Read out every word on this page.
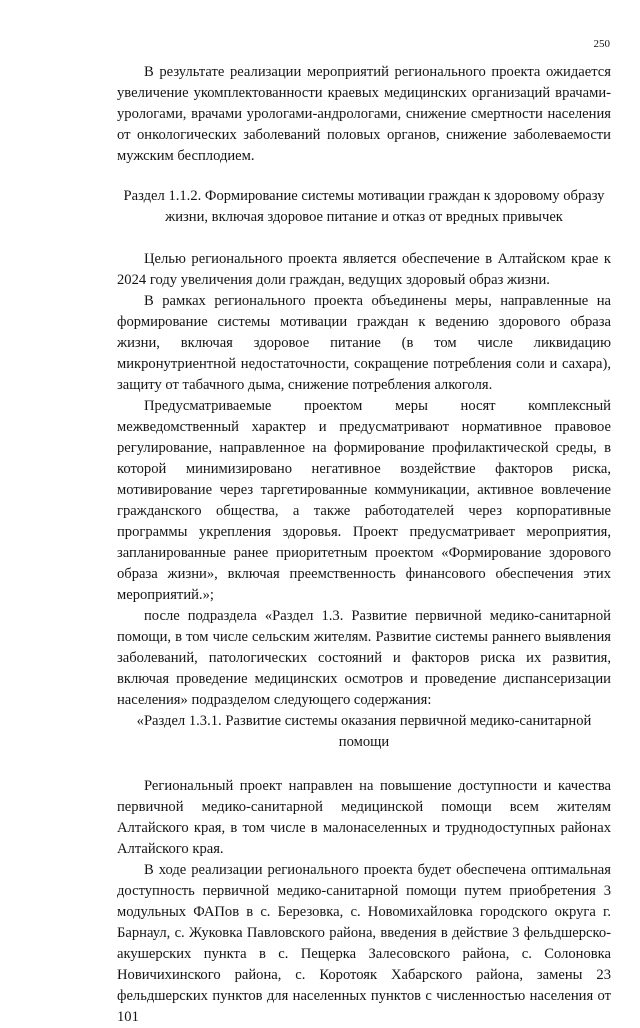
250

В результате реализации мероприятий регионального проекта ожидается увеличение укомплектованности краевых медицинских организаций врачами-урологами, врачами урологами-андрологами, снижение смертности населения от онкологических заболеваний половых органов, снижение заболеваемости мужским бесплодием.

Раздел 1.1.2. Формирование системы мотивации граждан к здоровому образу жизни, включая здоровое питание и отказ от вредных привычек

Целью регионального проекта является обеспечение в Алтайском крае к 2024 году увеличения доли граждан, ведущих здоровый образ жизни.

В рамках регионального проекта объединены меры, направленные на формирование системы мотивации граждан к ведению здорового образа жизни, включая здоровое питание (в том числе ликвидацию микронутриентной недостаточности, сокращение потребления соли и сахара), защиту от табачного дыма, снижение потребления алкоголя.

Предусматриваемые проектом меры носят комплексный межведомственный характер и предусматривают нормативное правовое регулирование, направленное на формирование профилактической среды, в которой минимизировано негативное воздействие факторов риска, мотивирование через таргетированные коммуникации, активное вовлечение гражданского общества, а также работодателей через корпоративные программы укрепления здоровья. Проект предусматривает мероприятия, запланированные ранее приоритетным проектом «Формирование здорового образа жизни», включая преемственность финансового обеспечения этих мероприятий.»;

после подраздела «Раздел 1.3. Развитие первичной медико-санитарной помощи, в том числе сельским жителям. Развитие системы раннего выявления заболеваний, патологических состояний и факторов риска их развития, включая проведение медицинских осмотров и проведение диспансеризации населения» подразделом следующего содержания:

«Раздел 1.3.1. Развитие системы оказания первичной медико-санитарной помощи

Региональный проект направлен на повышение доступности и качества первичной медико-санитарной медицинской помощи всем жителям Алтайского края, в том числе в малонаселенных и труднодоступных районах Алтайского края.

В ходе реализации регионального проекта будет обеспечена оптимальная доступность первичной медико-санитарной помощи путем приобретения 3 модульных ФАПов в с. Березовка, с. Новомихайловка городского округа г. Барнаул, с. Жуковка Павловского района, введения в действие 3 фельдшерско-акушерских пункта в с. Пещерка Залесовского района, с. Солоновка Новичихинского района, с. Коротояк Хабарского района, замены 23 фельдшерских пунктов для населенных пунктов с численностью населения от 101
